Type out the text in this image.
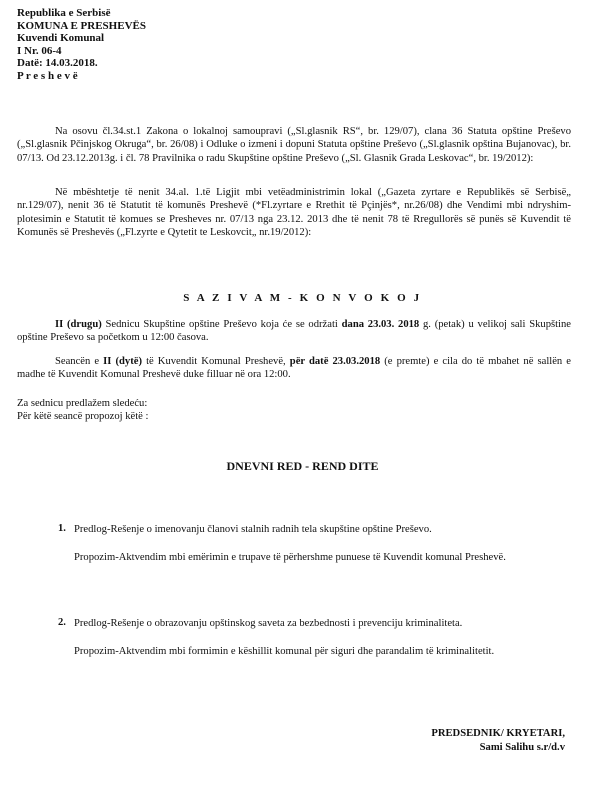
Republika e Serbisë
KOMUNA E PRESHEVËS
Kuvendi Komunal
I Nr. 06-4
Datë: 14.03.2018.
P r e s h e v ë

Na osovu čl.34.st.1 Zakona o lokalnoj samoupravi („Sl.glasnik RS“, br. 129/07), clana 36 Statuta opštine Preševo („Sl.glasnik Pčinjskog Okruga“, br. 26/08) i Odluke o izmeni i dopuni Statuta opštine Preševo („Sl.glasnik opština Bujanovac), br. 07/13. Od 23.12.2013g. i čl. 78 Pravilnika o radu Skupštine opštine Preševo („Sl. Glasnik Grada Leskovac“, br. 19/2012):

Në mbështetje të nenit 34.al. 1.të Ligjit mbi vetëadministrimin lokal („Gazeta zyrtare e Republikës së Serbisë„ nr.129/07), nenit 36 të Statutit të komunës Preshevë (*Fl.zyrtare e Rrethit të Pçinjës*, nr.26/08) dhe Vendimi mbi ndryshim-plotesimin e Statutit të komues se Presheves nr. 07/13 nga 23.12. 2013 dhe të nenit 78 të Rregullorës së punës së Kuvendit të Komunës së Preshevës („Fl.zyrte e Qytetit te Leskovcit„ nr.19/2012):

S A Z I V A M - K O N V O K O J

II (drugu) Sednicu Skupštine opštine Preševo koja će se održati dana 23.03. 2018 g. (petak) u velikoj sali Skupštine opštine Preševo sa početkom u 12:00 časova.

Seancën e II (dytë) të Kuvendit Komunal Preshevë, për datë 23.03.2018 (e premte) e cila do të mbahet në sallën e madhe të Kuvendit Komunal Preshevë duke filluar në ora 12:00.

Za sednicu predlažem sledeću:

Për këtë seancë propozoj këtë :

DNEVNI RED - REND DITE
1. Predlog-Rešenje o imenovanju članovi stalnih radnih tela skupštine opštine Preševo.

Propozim-Aktvendim mbi emërimin e trupave të përhershme punuese të Kuvendit komunal Preshevë.

2. Predlog-Rešenje o obrazovanju opštinskog saveta za bezbednosti i prevenciju kriminaliteta.

Propozim-Aktvendim mbi formimin e këshillit komunal për siguri dhe parandalim të kriminalitetit.

PREDSEDNIK/ KRYETARI,
Sami Salihu s.r/d.v
